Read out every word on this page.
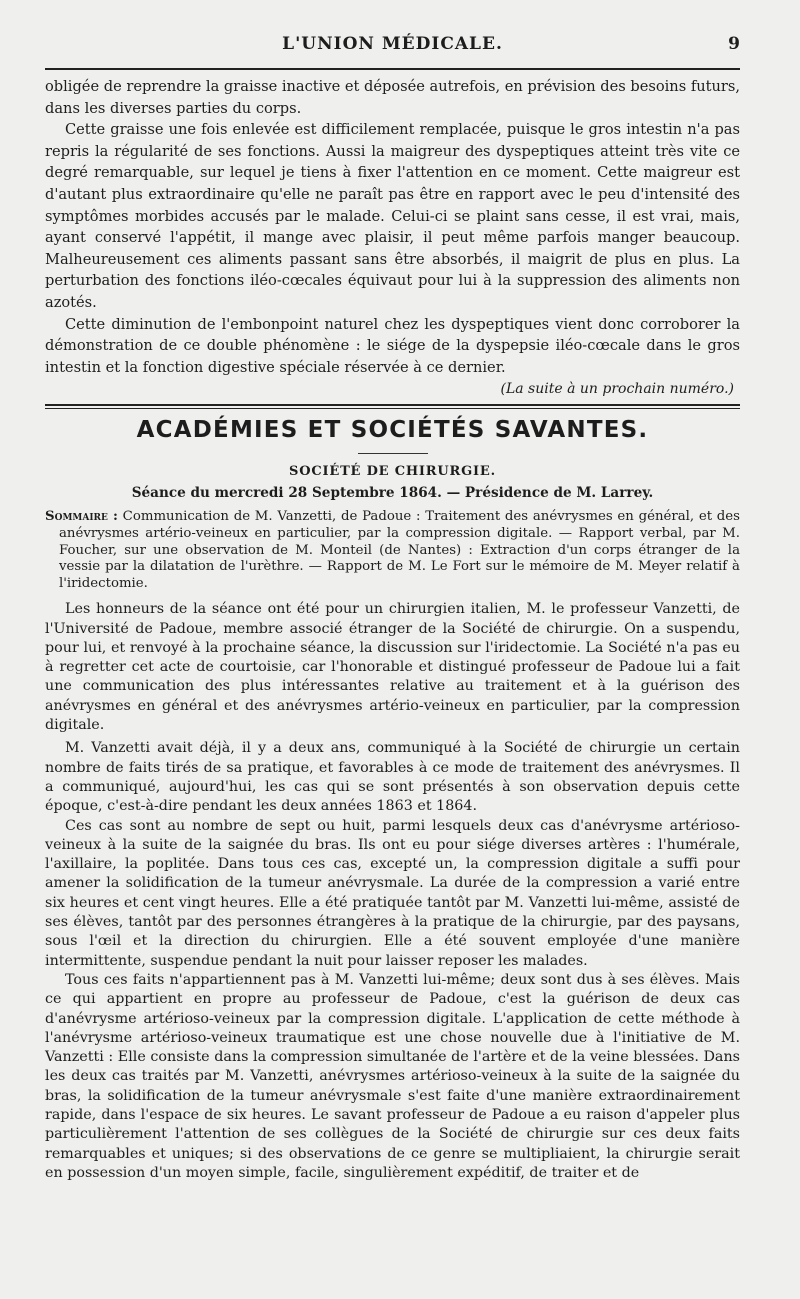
L'UNION MÉDICALE.	9

obligée de reprendre la graisse inactive et déposée autrefois, en prévision des besoins futurs, dans les diverses parties du corps.

Cette graisse une fois enlevée est difficilement remplacée, puisque le gros intestin n'a pas repris la régularité de ses fonctions. Aussi la maigreur des dyspeptiques atteint très vite ce degré remarquable, sur lequel je tiens à fixer l'attention en ce moment. Cette maigreur est d'autant plus extraordinaire qu'elle ne paraît pas être en rapport avec le peu d'intensité des symptômes morbides accusés par le malade. Celui-ci se plaint sans cesse, il est vrai, mais, ayant conservé l'appétit, il mange avec plaisir, il peut même parfois manger beaucoup. Malheureusement ces aliments passant sans être absorbés, il maigrit de plus en plus. La perturbation des fonctions iléo-cœcales équivaut pour lui à la suppression des aliments non azotés.

Cette diminution de l'embonpoint naturel chez les dyspeptiques vient donc corroborer la démonstration de ce double phénomène : le siége de la dyspepsie iléo-cœcale dans le gros intestin et la fonction digestive spéciale réservée à ce dernier.

(La suite à un prochain numéro.)
ACADÉMIES ET SOCIÉTÉS SAVANTES.
SOCIÉTÉ DE CHIRURGIE.
Séance du mercredi 28 Septembre 1864. — Présidence de M. Larrey.
Sommaire : Communication de M. Vanzetti, de Padoue : Traitement des anévrysmes en général, et des anévrysmes artério-veineux en particulier, par la compression digitale. — Rapport verbal, par M. Foucher, sur une observation de M. Monteil (de Nantes) : Extraction d'un corps étranger de la vessie par la dilatation de l'urèthre. — Rapport de M. Le Fort sur le mémoire de M. Meyer relatif à l'iridectomie.

Les honneurs de la séance ont été pour un chirurgien italien, M. le professeur Vanzetti, de l'Université de Padoue, membre associé étranger de la Société de chirurgie. On a suspendu, pour lui, et renvoyé à la prochaine séance, la discussion sur l'iridectomie. La Société n'a pas eu à regretter cet acte de courtoisie, car l'honorable et distingué professeur de Padoue lui a fait une communication des plus intéressantes relative au traitement et à la guérison des anévrysmes en général et des anévrysmes artério-veineux en particulier, par la compression digitale.

M. Vanzetti avait déjà, il y a deux ans, communiqué à la Société de chirurgie un certain nombre de faits tirés de sa pratique, et favorables à ce mode de traitement des anévrysmes. Il a communiqué, aujourd'hui, les cas qui se sont présentés à son observation depuis cette époque, c'est-à-dire pendant les deux années 1863 et 1864.

Ces cas sont au nombre de sept ou huit, parmi lesquels deux cas d'anévrysme artérioso-veineux à la suite de la saignée du bras. Ils ont eu pour siége diverses artères : l'humérale, l'axillaire, la poplitée. Dans tous ces cas, excepté un, la compression digitale a suffi pour amener la solidification de la tumeur anévrysmale. La durée de la compression a varié entre six heures et cent vingt heures. Elle a été pratiquée tantôt par M. Vanzetti lui-même, assisté de ses élèves, tantôt par des personnes étrangères à la pratique de la chirurgie, par des paysans, sous l'œil et la direction du chirurgien. Elle a été souvent employée d'une manière intermittente, suspendue pendant la nuit pour laisser reposer les malades.

Tous ces faits n'appartiennent pas à M. Vanzetti lui-même; deux sont dus à ses élèves. Mais ce qui appartient en propre au professeur de Padoue, c'est la guérison de deux cas d'anévrysme artérioso-veineux par la compression digitale. L'application de cette méthode à l'anévrysme artérioso-veineux traumatique est une chose nouvelle due à l'initiative de M. Vanzetti : Elle consiste dans la compression simultanée de l'artère et de la veine blessées. Dans les deux cas traités par M. Vanzetti, anévrysmes artérioso-veineux à la suite de la saignée du bras, la solidification de la tumeur anévrysmale s'est faite d'une manière extraordinairement rapide, dans l'espace de six heures. Le savant professeur de Padoue a eu raison d'appeler plus particulièrement l'attention de ses collègues de la Société de chirurgie sur ces deux faits remarquables et uniques; si des observations de ce genre se multipliaient, la chirurgie serait en possession d'un moyen simple, facile, singulièrement expéditif, de traiter et de
